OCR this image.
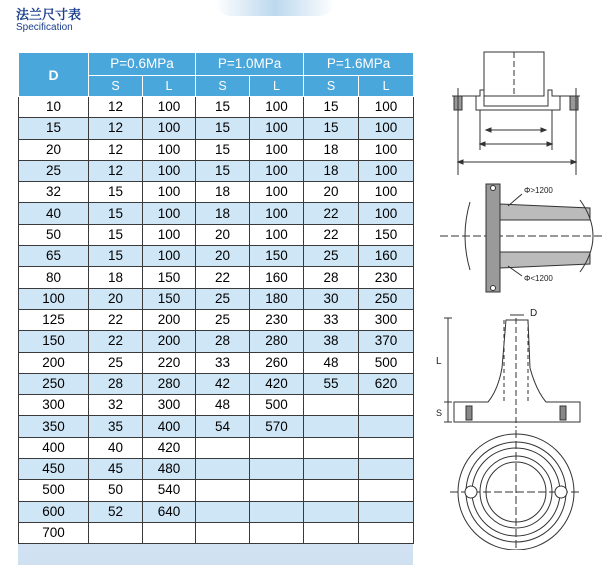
法兰尺寸表
Specification
D	P=0.6MPa		P=1.0MPa		P=1.6MPa	
	S	L	S	L	S	L
10	12	100	15	100	15	100
15	12	100	15	100	15	100
20	12	100	15	100	18	100
25	12	100	15	100	18	100
32	15	100	18	100	20	100
40	15	100	18	100	22	100
50	15	100	20	100	22	150
65	15	100	20	150	25	160
80	18	150	22	160	28	230
100	20	150	25	180	30	250
125	22	200	25	230	33	300
150	22	200	28	280	38	370
200	25	220	33	260	48	500
250	28	280	42	420	55	620
300	32	300	48	500		
350	35	400	54	570		
400	40	420				
450	45	480				
500	50	540				
600	52	640				
700						
Φ>1200
Φ<1200
D
L
S
